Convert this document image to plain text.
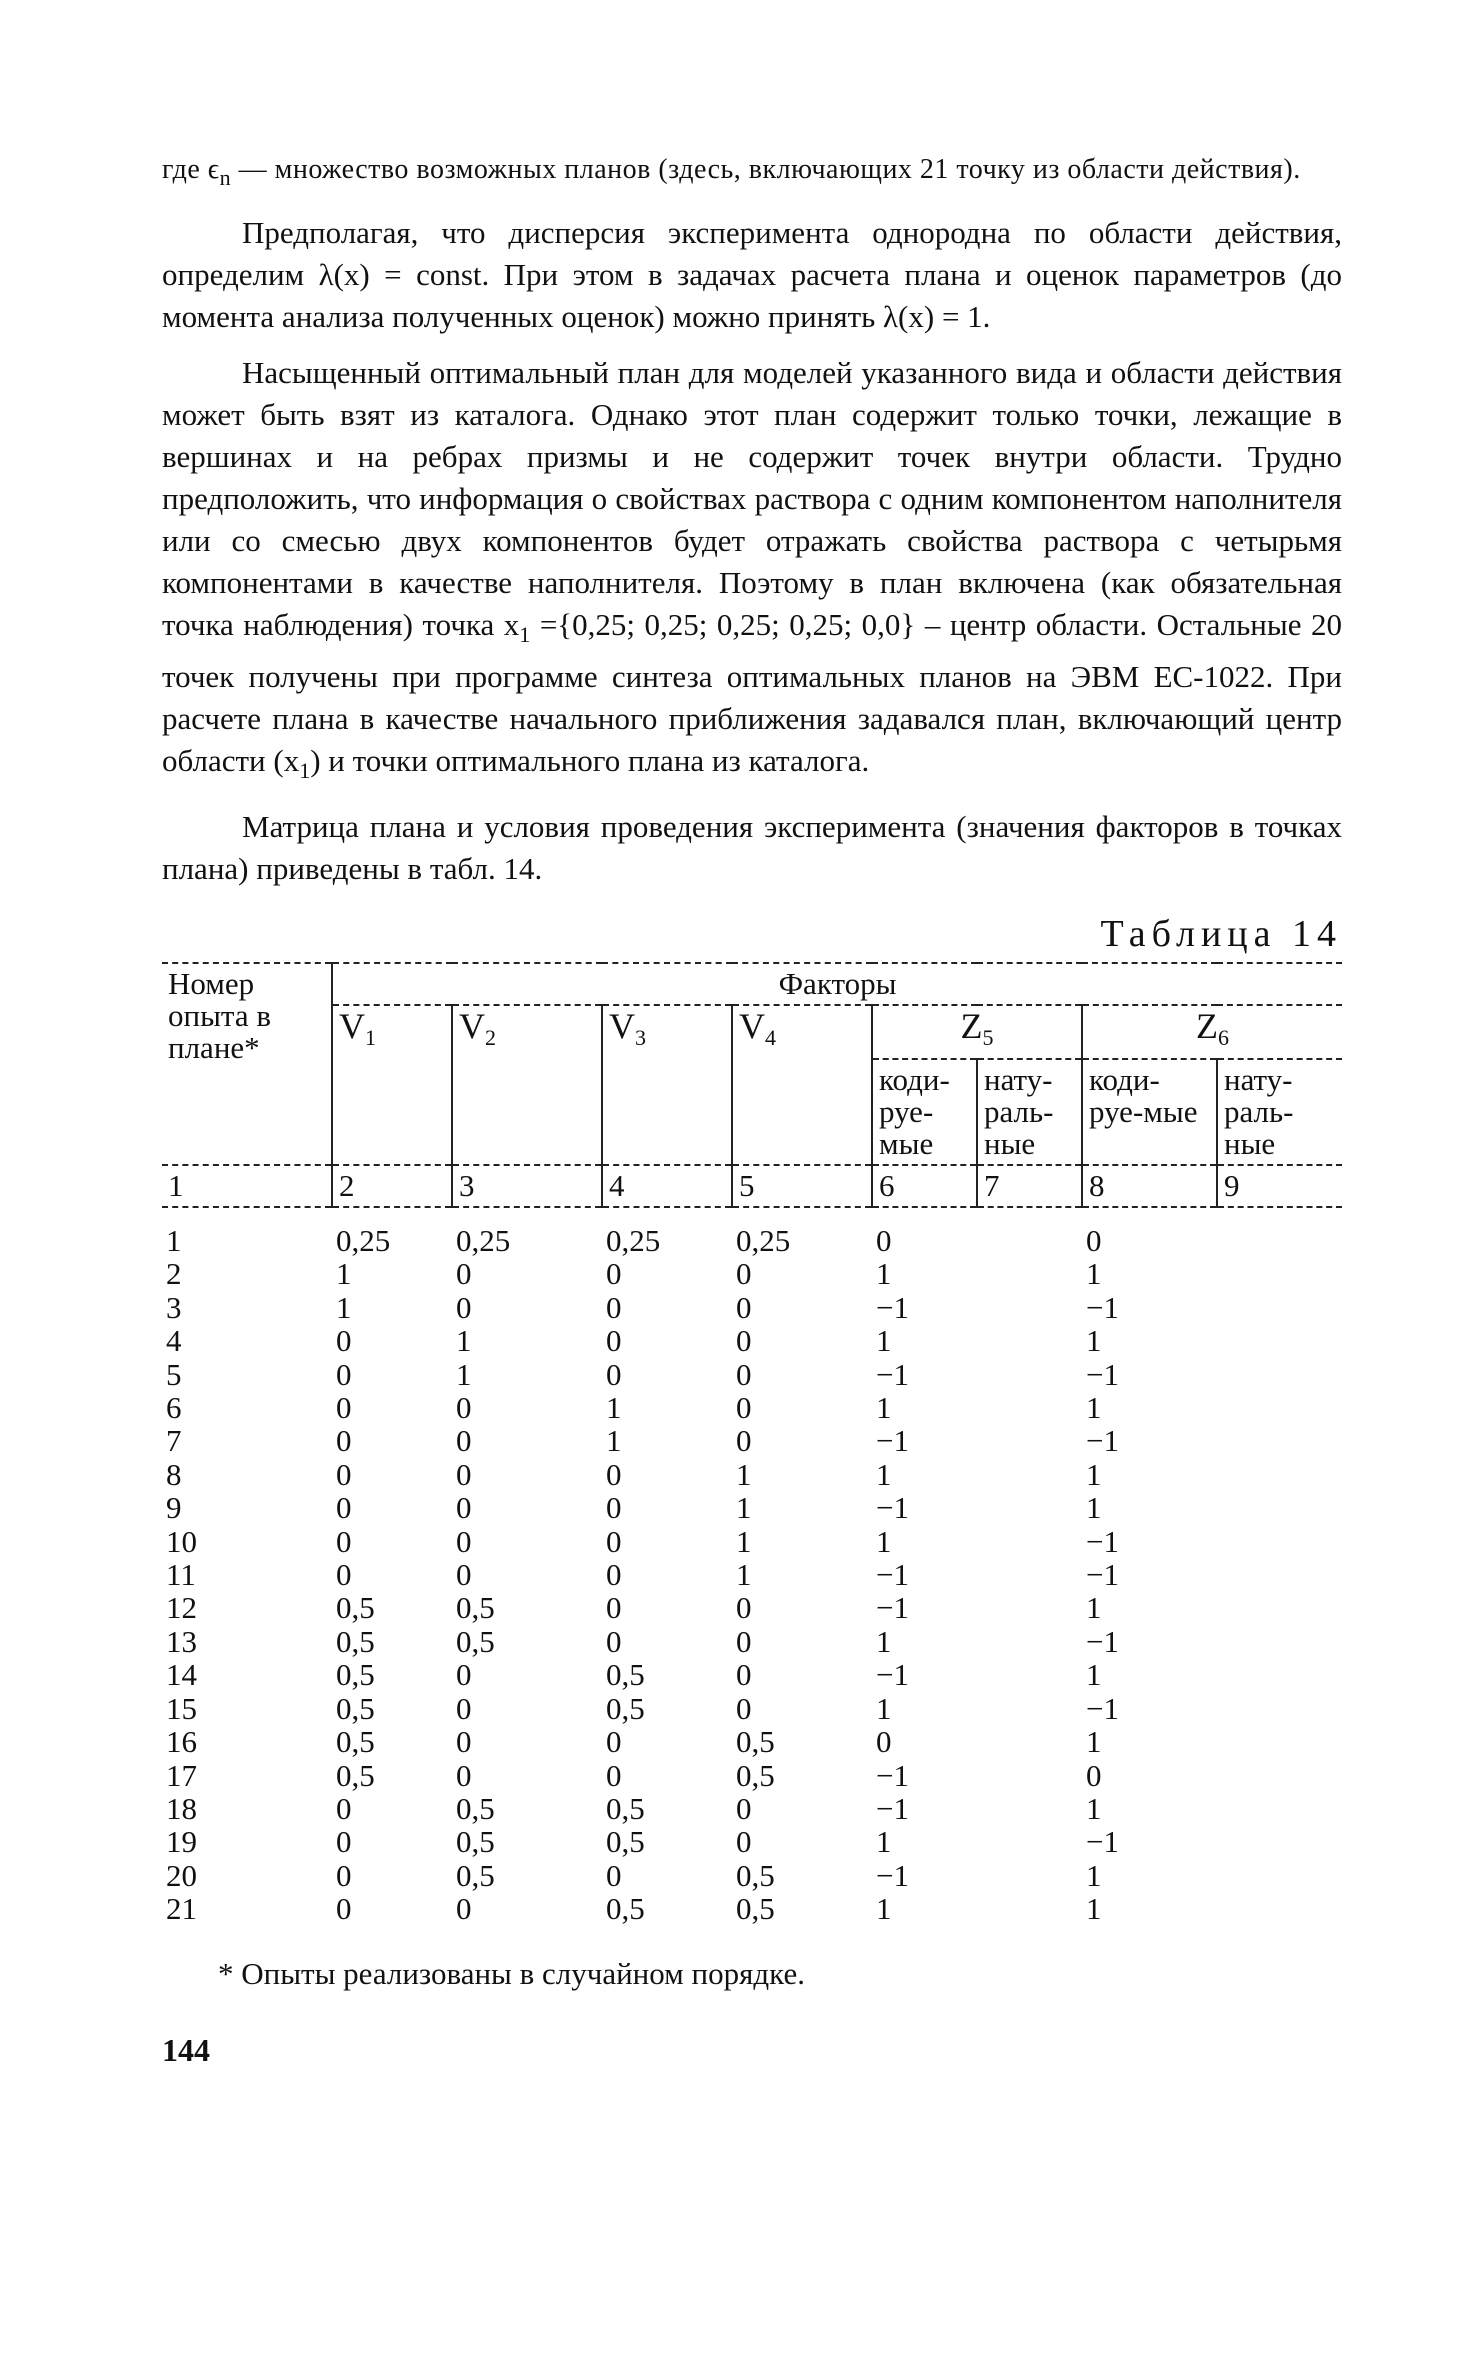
где $\epsilon_n$ — множество возможных планов (здесь, включающих 21 точку из области действия).

Предполагая, что дисперсия эксперимента однородна по области действия, определим λ(x) = const. При этом в задачах расчета плана и оценок параметров (до момента анализа полученных оценок) можно принять λ(x) = 1.

Насыщенный оптимальный план для моделей указанного вида и области действия может быть взят из каталога. Однако этот план содержит только точки, лежащие в вершинах и на ребрах призмы и не содержит точек внутри области. Трудно предположить, что информация о свойствах раствора с одним компонентом наполнителя или со смесью двух компонентов будет отражать свойства раствора с четырьмя компонентами в качестве наполнителя. Поэтому в план включена (как обязательная точка наблюдения) точка $x_1 =\{0,25$; 0,25; 0,25; 0,25; 0,0} – центр области. Остальные 20 точек получены при программе синтеза оптимальных планов на ЭВМ ЕС-1022. При расчете плана в качестве начального приближения задавался план, включающий центр области $(x_1)$ и точки оптимального плана из каталога.

Матрица плана и условия проведения эксперимента (значения факторов в точках плана) приведены в табл. 14.

Таблица 14
Номер опыта в плане*	Факторы							
	$V_1$	$V_2$	$V_3$	$V_4$	$Z_5$		$Z_6$
					коди-руе-мые	нату-раль-ные	коди-руе-мые	нату-раль-ные
1	2	3	4	5	6	7	8	9
1	0,25	0,25	0,25	0,25	0		0	
2	1	0	0	0	1		1	
3	1	0	0	0	−1		−1	
4	0	1	0	0	1		1	
5	0	1	0	0	−1		−1	
6	0	0	1	0	1		1	
7	0	0	1	0	−1		−1	
8	0	0	0	1	1		1	
9	0	0	0	1	−1		1	
10	0	0	0	1	1		−1	
11	0	0	0	1	−1		−1	
12	0,5	0,5	0	0	−1		1	
13	0,5	0,5	0	0	1		−1	
14	0,5	0	0,5	0	−1		1	
15	0,5	0	0,5	0	1		−1	
16	0,5	0	0	0,5	0		1	
17	0,5	0	0	0,5	−1		0	
18	0	0,5	0,5	0	−1		1	
19	0	0,5	0,5	0	1		−1	
20	0	0,5	0	0,5	−1		1	
21	0	0	0,5	0,5	1		1	
* Опыты реализованы в случайном порядке.
144
